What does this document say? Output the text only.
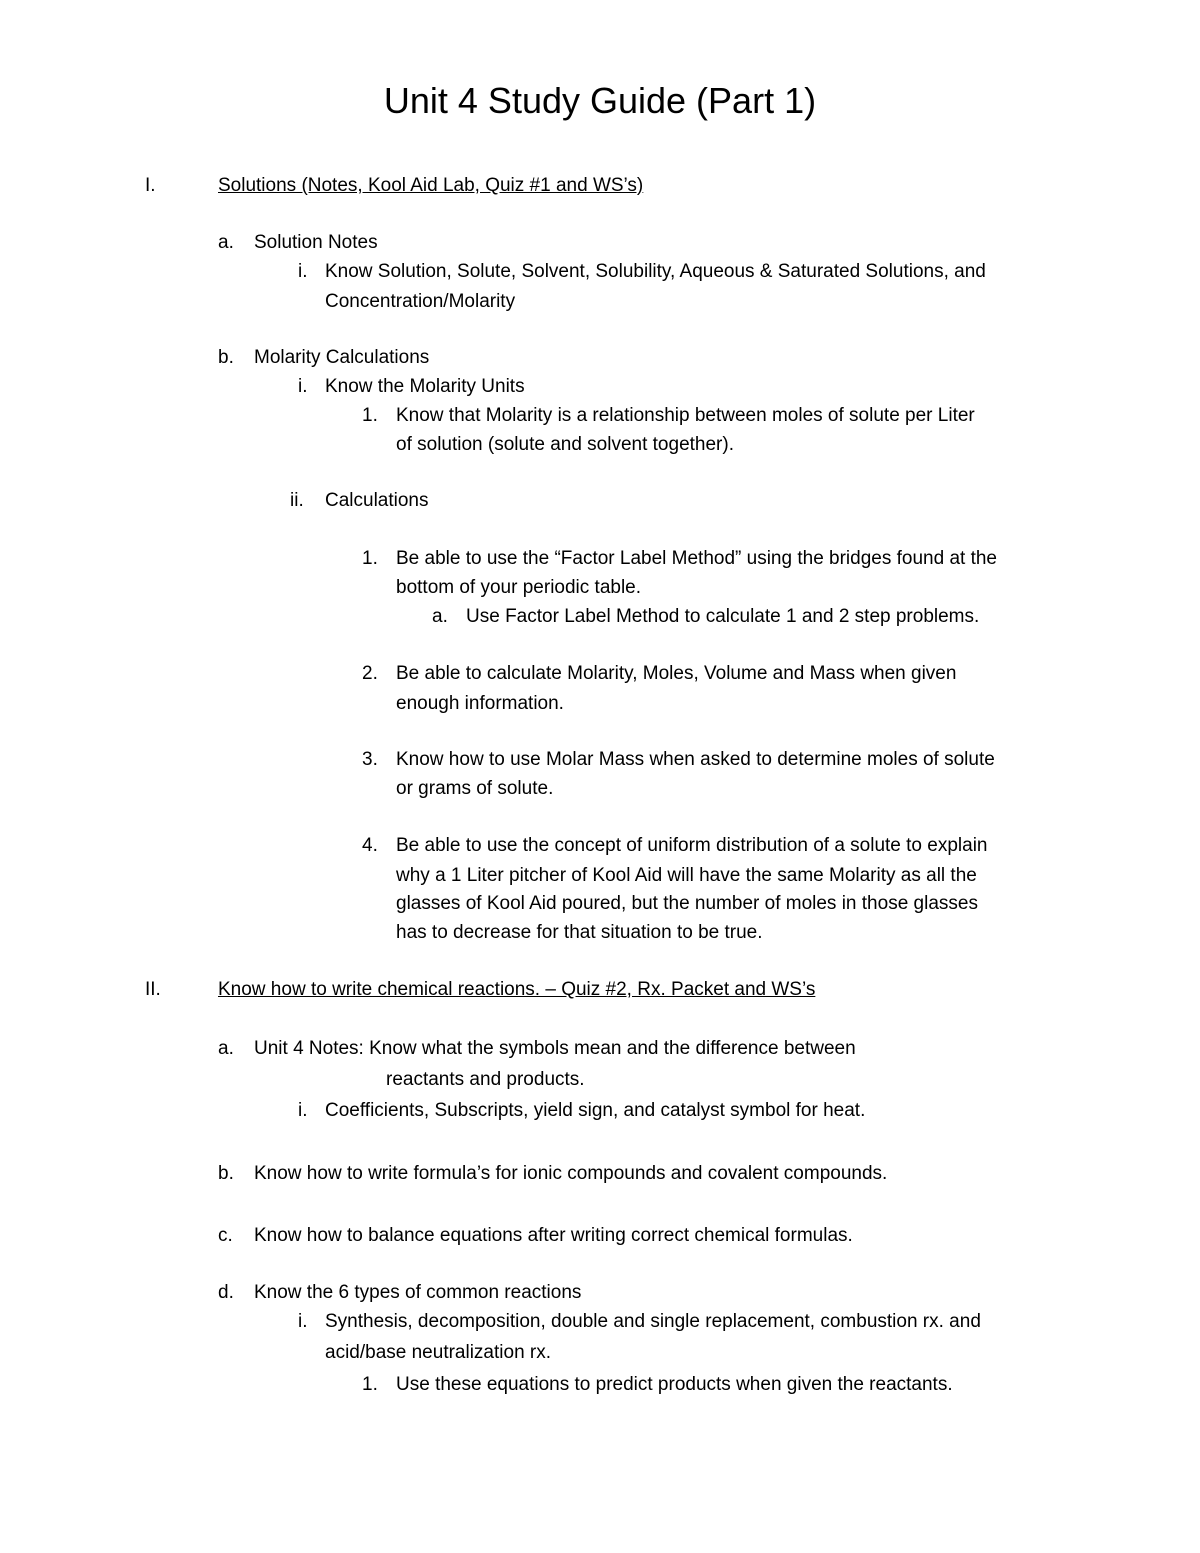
Unit 4 Study Guide (Part 1)
I.	Solutions (Notes, Kool Aid Lab, Quiz #1 and WS’s)
a. Solution Notes
i. Know Solution, Solute, Solvent, Solubility, Aqueous & Saturated Solutions, and
Concentration/Molarity
b. Molarity Calculations
i. Know the Molarity Units
1. Know that Molarity is a relationship between moles of solute per Liter
of solution (solute and solvent together).
ii. Calculations
1. Be able to use the “Factor Label Method” using the bridges found at the
bottom of your periodic table.
a. Use Factor Label Method to calculate 1 and 2 step problems.
2. Be able to calculate Molarity, Moles, Volume and Mass when given
enough information.
3. Know how to use Molar Mass when asked to determine moles of solute
or grams of solute.
4. Be able to use the concept of uniform distribution of a solute to explain
why a 1 Liter pitcher of Kool Aid will have the same Molarity as all the
glasses of Kool Aid poured, but the number of moles in those glasses
has to decrease for that situation to be true.
II.	Know how to write chemical reactions. – Quiz #2, Rx. Packet and WS’s
a. Unit 4 Notes: Know what the symbols mean and the difference between
reactants and products.
i. Coefficients, Subscripts, yield sign, and catalyst symbol for heat.
b. Know how to write formula’s for ionic compounds and covalent compounds.
c. Know how to balance equations after writing correct chemical formulas.
d. Know the 6 types of common reactions
i. Synthesis, decomposition, double and single replacement, combustion rx. and
acid/base neutralization rx.
1. Use these equations to predict products when given the reactants.
